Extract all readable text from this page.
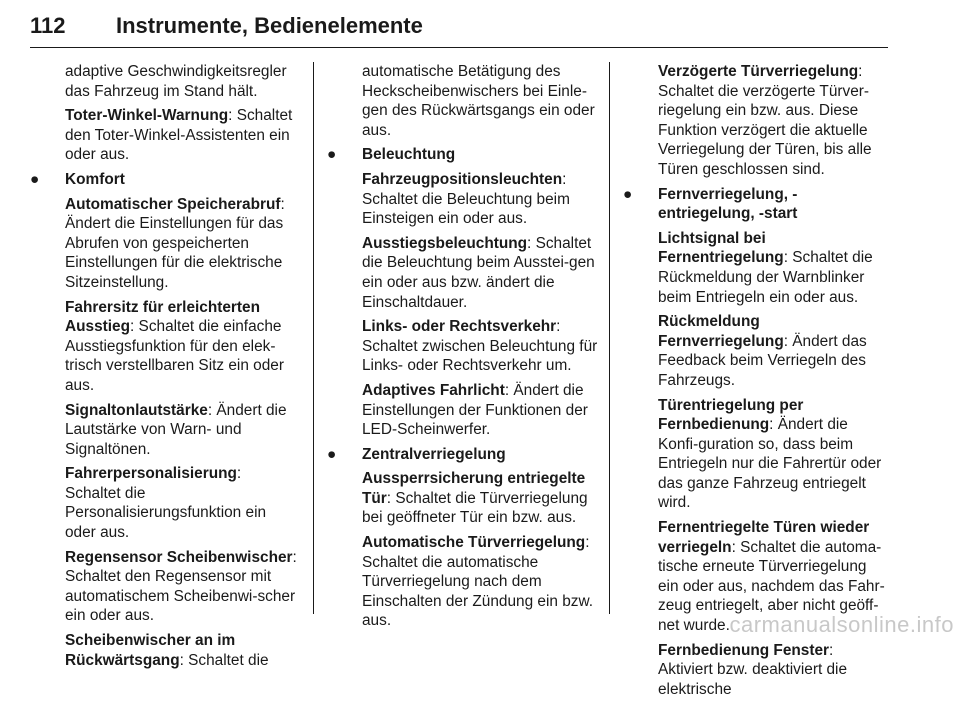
112 Instrumente, Bedienelemente
adaptive Geschwindigkeitsregler das Fahrzeug im Stand hält.
Toter-Winkel-Warnung: Schaltet den Toter-Winkel-Assistenten ein oder aus.
● Komfort
Automatischer Speicherabruf: Ändert die Einstellungen für das Abrufen von gespeicherten Einstellungen für die elektrische Sitzeinstellung.
Fahrersitz für erleichterten Ausstieg: Schaltet die einfache Ausstiegsfunktion für den elek-trisch verstellbaren Sitz ein oder aus.
Signaltonlautstärke: Ändert die Lautstärke von Warn- und Signaltönen.
Fahrerpersonalisierung: Schaltet die Personalisierungsfunktion ein oder aus.
Regensensor Scheibenwischer: Schaltet den Regensensor mit automatischem Scheibenwi-scher ein oder aus.
Scheibenwischer an im Rückwärtsgang: Schaltet die
automatische Betätigung des Heckscheibenwischers bei Einle-gen des Rückwärtsgangs ein oder aus.
● Beleuchtung
Fahrzeugpositionsleuchten: Schaltet die Beleuchtung beim Einsteigen ein oder aus.
Ausstiegsbeleuchtung: Schaltet die Beleuchtung beim Ausstei-gen ein oder aus bzw. ändert die Einschaltdauer.
Links- oder Rechtsverkehr: Schaltet zwischen Beleuchtung für Links- oder Rechtsverkehr um.
Adaptives Fahrlicht: Ändert die Einstellungen der Funktionen der LED-Scheinwerfer.
● Zentralverriegelung
Aussperrsicherung entriegelte Tür: Schaltet die Türverriegelung bei geöffneter Tür ein bzw. aus.
Automatische Türverriegelung: Schaltet die automatische Türverriegelung nach dem Einschalten der Zündung ein bzw. aus.
Verzögerte Türverriegelung: Schaltet die verzögerte Türver-riegelung ein bzw. aus. Diese Funktion verzögert die aktuelle Verriegelung der Türen, bis alle Türen geschlossen sind.
● Fernverriegelung, -entriegelung, -start
Lichtsignal bei Fernentriegelung: Schaltet die Rückmeldung der Warnblinker beim Entriegeln ein oder aus.
Rückmeldung Fernverriegelung: Ändert das Feedback beim Verriegeln des Fahrzeugs.
Türentriegelung per Fernbedienung: Ändert die Konfi-guration so, dass beim Entriegeln nur die Fahrertür oder das ganze Fahrzeug entriegelt wird.
Fernentriegelte Türen wieder verriegeln: Schaltet die automa-tische erneute Türverriegelung ein oder aus, nachdem das Fahr-zeug entriegelt, aber nicht geöff-net wurde.
Fernbedienung Fenster: Aktiviert bzw. deaktiviert die elektrische
carmanualsonline.info
